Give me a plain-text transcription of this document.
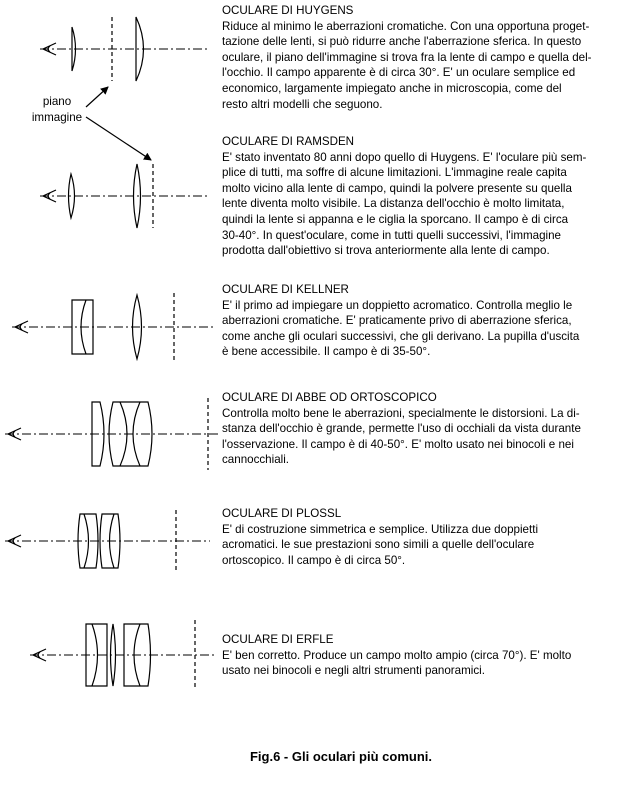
piano
immagine
OCULARE DI HUYGENS
Riduce al minimo le aberrazioni cromatiche. Con una opportuna proget-
tazione delle lenti, si può ridurre anche l'aberrazione sferica. In questo
oculare, il piano dell'immagine si trova fra la lente di campo e quella del-
l'occhio. Il campo apparente è di circa 30°. E' un oculare semplice ed
economico, largamente impiegato anche in microscopia, come del
resto altri modelli che seguono.
OCULARE DI RAMSDEN
E' stato inventato 80 anni dopo quello di Huygens. E' l'oculare più sem-
plice di tutti, ma soffre di alcune limitazioni. L'immagine reale capita
molto vicino alla lente di campo, quindi la polvere presente su quella
lente diventa molto visibile. La distanza dell'occhio è molto limitata,
quindi la lente si appanna e le ciglia la sporcano. Il campo è di circa
30-40°. In quest'oculare, come in tutti quelli successivi, l'immagine
prodotta dall'obiettivo si trova anteriormente alla lente di campo.
OCULARE DI KELLNER
E' il primo ad impiegare un doppietto acromatico. Controlla meglio le
aberrazioni cromatiche. E' praticamente privo di aberrazione sferica,
come anche gli oculari successivi, che gli derivano. La pupilla d'uscita
è bene accessibile. Il campo è di 35-50°.
OCULARE DI ABBE OD ORTOSCOPICO
Controlla molto bene le aberrazioni, specialmente le distorsioni. La di-
stanza dell'occhio è grande, permette l'uso di occhiali da vista durante
l'osservazione. Il campo è di 40-50°. E' molto usato nei binocoli e nei
cannocchiali.
OCULARE DI PLOSSL
E' di costruzione simmetrica e semplice. Utilizza due doppietti
acromatici. le sue prestazioni sono simili a quelle dell'oculare
ortoscopico. Il campo è di circa 50°.
OCULARE DI ERFLE
E' ben corretto. Produce un campo molto ampio (circa 70°). E' molto
usato nei binocoli e negli altri strumenti panoramici.
Fig.6 - Gli oculari più comuni.
